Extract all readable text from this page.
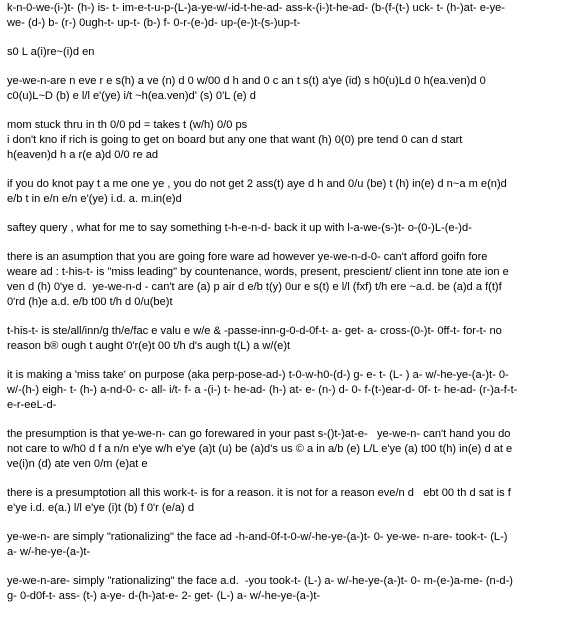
k-n-0-we-(i-)t- (h-) is- t- im-e-t-u-p-(L-)a-ye-w/-id-t-he-ad- ass-k-(i-)t-he-ad- (b-(f-(t-) uck- t- (h-)at- e-ye-
we- (d-) b- (r-) 0ugh-t- up-t- (b-) f- 0-r-(e-)d- up-(e-)t-(s-)up-t-

s0 L a(i)re~(i)d en

ye-we-n-are n eve r e s(h) a ve (n) d 0 w/00 d h and 0 c an t s(t) a'ye (id) s h0(u)Ld 0 h(ea.ven)d 0
c0(u)L~D (b) e l/l e'(ye) i/t ~h(ea.ven)d' (s) 0'L (e) d

mom stuck thru in th 0/0 pd = takes t (w/h) 0/0 ps
i don't kno if rich is going to get on board but any one that want (h) 0(0) pre tend 0 can d start
h(eaven)d h a r(e a)d 0/0 re ad

if you do knot pay t a me one ye , you do not get 2 ass(t) aye d h and 0/u (be) t (h) in(e) d n~a m e(n)d
e/b t in e/n e/n e'(ye) i.d. a. m.in(e)d

saftey query , what for me to say something t-h-e-n-d- back it up with l-a-we-(s-)t- o-(0-)L-(e-)d-

there is an asumption that you are going fore ware ad however ye-we-n-d-0- can't afford goifn fore
weare ad : t-his-t- is "miss leading" by countenance, words, present, prescient/ client inn tone ate ion e
ven d (h) 0'ye d.  ye-we-n-d - can't are (a) p air d e/b t(y) 0ur e s(t) e l/l (fxf) t/h ere ~a.d. be (a)d a f(t)f
0'rd (h)e a.d. e/b t00 t/h d 0/u(be)t

t-his-t- is ste/all/inn/g th/e/fac e valu e w/e & -passe-inn-g-0-d-0f-t- a- get- a- cross-(0-)t- 0ff-t- for-t- no
reason b® ough t aught 0'r(e)t 00 t/h d's augh t(L) a w/(e)t

it is making a 'miss take' on purpose (aka perp-pose-ad-) t-0-w-h0-(d-) g- e- t- (L- ) a- w/-he-ye-(a-)t- 0-
w/-(h-) eigh- t- (h-) a-nd-0- c- all- i/t- f- a -(i-) t- he-ad- (h-) at- e- (n-) d- 0- f-(t-)ear-d- 0f- t- he-ad- (r-)a-f-t-
e-r-eeL-d-

the presumption is that ye-we-n- can go forewared in your past s-()t-)at-e-   ye-we-n- can't hand you do
not care to w/h0 d f a n/n e'ye w/h e'ye (a)t (u) be (a)d's us © a in a/b (e) L/L e'ye (a) t00 t(h) in(e) d at e
ve(i)n (d) ate ven 0/m (e)at e

there is a presumptotion all this work-t- is for a reason. it is not for a reason eve/n d   ebt 00 th d sat is f
e'ye i.d. e(a.) l/l e'ye (i)t (b) f 0'r (e/a) d

ye-we-n- are simply "rationalizing" the face ad -h-and-0f-t-0-w/-he-ye-(a-)t- 0- ye-we- n-are- took-t- (L-)
a- w/-he-ye-(a-)t-

ye-we-n-are- simply "rationalizing" the face a.d.  -you took-t- (L-) a- w/-he-ye-(a-)t- 0- m-(e-)a-me- (n-d-)
g- 0-d0f-t- ass- (t-) a-ye- d-(h-)at-e- 2- get- (L-) a- w/-he-ye-(a-)t-
